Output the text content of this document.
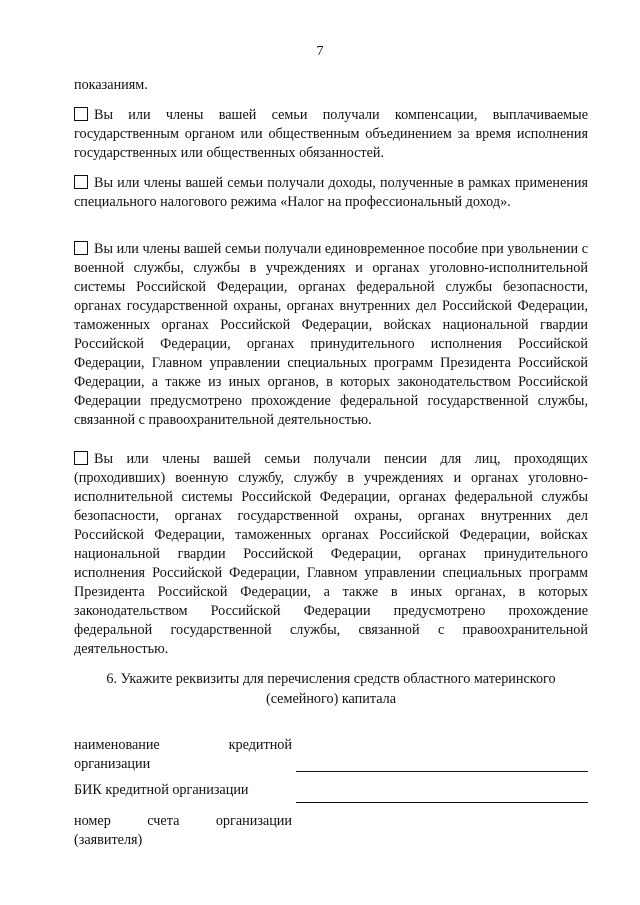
7
показаниям.
Вы или члены вашей семьи получали компенсации, выплачиваемые государственным органом или общественным объединением за время исполнения государственных или общественных обязанностей.
Вы или члены вашей семьи получали доходы, полученные в рамках применения специального налогового режима «Налог на профессиональный доход».
Вы или члены вашей семьи получали единовременное пособие при увольнении с военной службы, службы в учреждениях и органах уголовно-исполнительной системы Российской Федерации, органах федеральной службы безопасности, органах государственной охраны, органах внутренних дел Российской Федерации, таможенных органах Российской Федерации, войсках национальной гвардии Российской Федерации, органах принудительного исполнения Российской Федерации, Главном управлении специальных программ Президента Российской Федерации, а также из иных органов, в которых законодательством Российской Федерации предусмотрено прохождение федеральной государственной службы, связанной с правоохранительной деятельностью.
Вы или члены вашей семьи получали пенсии для лиц, проходящих (проходивших) военную службу, службу в учреждениях и органах уголовно-исполнительной системы Российской Федерации, органах федеральной службы безопасности, органах государственной охраны, органах внутренних дел Российской Федерации, таможенных органах Российской Федерации, войсках национальной гвардии Российской Федерации, органах принудительного исполнения Российской Федерации, Главном управлении специальных программ Президента Российской Федерации, а также в иных органах, в которых законодательством Российской Федерации предусмотрено прохождение федеральной государственной службы, связанной с правоохранительной деятельностью.
6. Укажите реквизиты для перечисления средств областного материнского
(семейного) капитала
наименование	кредитной
организации
БИК кредитной организации
номер	счета	организации
(заявителя)
